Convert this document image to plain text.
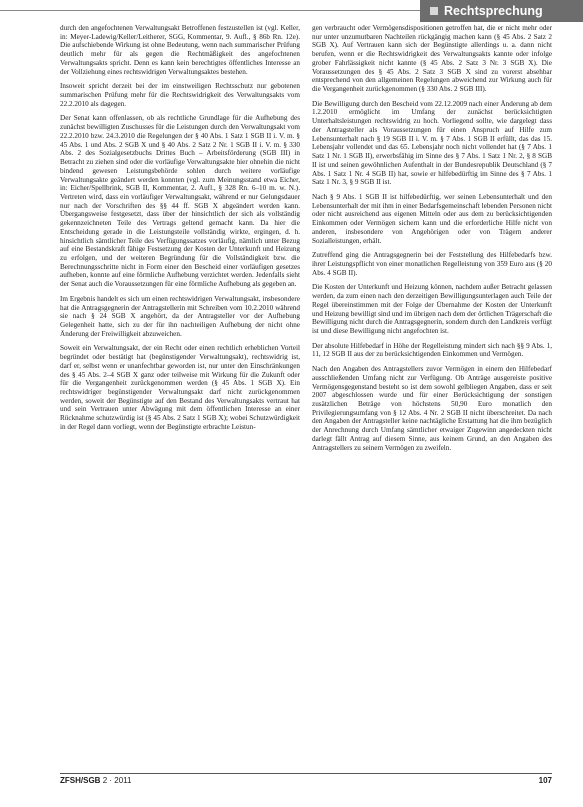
Rechtsprechung

durch den angefochtenen Verwaltungsakt Betroffenen festzustellen ist (vgl. Keller, in: Meyer-Ladewig/Keller/Leitherer, SGG, Kommentar, 9. Aufl., § 86b Rn. 12e). Die aufschiebende Wirkung ist ohne Bedeutung, wenn nach summarischer Prüfung deutlich mehr für als gegen die Rechtmäßigkeit des angefochtenen Verwaltungsakts spricht. Denn es kann kein berechtigtes öffentliches Interesse an der Vollziehung eines rechtswidrigen Verwaltungsaktes bestehen.

Insoweit spricht derzeit bei der im einstweiligen Rechtsschutz nur gebotenen summarischen Prüfung mehr für die Rechtswidrigkeit des Verwaltungsakts vom 22.2.2010 als dagegen.

Der Senat kann offenlassen, ob als rechtliche Grundlage für die Aufhebung des zunächst bewilligten Zuschusses für die Leistungen durch den Verwaltungsakt vom 22.2.2010 bzw. 24.3.2010 die Regelungen der § 40 Abs. 1 Satz 1 SGB II i. V. m. § 45 Abs. 1 und Abs. 2 SGB X und § 40 Abs. 2 Satz 2 Nr. 1 SGB II i. V. m. § 330 Abs. 2 des Sozialgesetzbuchs Drittes Buch – Arbeitsförderung (SGB III) in Betracht zu ziehen sind oder die vorläufige Verwaltungsakte hier ohnehin die nicht bindend gewesen Leistungsbehörde sohlen durch weitere vorläufige Verwaltungsakte geändert werden konnten (vgl. zum Meinungsstand etwa Eicher, in: Eicher/Spellbrink, SGB II, Kommentar, 2. Aufl., § 328 Rn. 6–10 m. w. N.). Vertreten wird, dass ein vorläufiger Verwaltungsakt, während er nur Gelungsdauer nur nach der Vorschriften des §§ 44 ff. SGB X abgeändert werden kann. Übergangsweise festgesetzt, dass über der hinsichtlich der sich als vollständig gekennzeichneten Teile des Vertrags geltend gemacht kann. Da hier die Entscheidung gerade in die Leistungsteile vollständig wirkte, ergingen, d. h. hinsichtlich sämtlicher Teile des Verfügungssatzes vorläufig, nämlich unter Bezug auf eine Bestandskraft fähige Festsetzung der Kosten der Unterkunft und Heizung zu erfolgen, und der weiteren Begründung für die Vollständigkeit bzw. die Berechnungsschritte nicht in Form einer den Bescheid einer vorläufigen gesetzes aufheben, konnte auf eine förmliche Aufhebung verzichtet werden. Jedenfalls sieht der Senat auch die Voraussetzungen für eine förmliche Aufhebung als gegeben an.

Im Ergebnis handelt es sich um einen rechtswidrigen Verwaltungsakt, insbesondere hat die Antragsgegnerin der Antragstellerin mit Schreiben vom 10.2.2010 während sie nach § 24 SGB X angehört, da der Antragsteller vor der Aufhebung Gelegenheit hatte, sich zu der für ihn nachteiligen Aufhebung der nicht ohne Änderung der Freiwilligkeit abzuweichen.

Soweit ein Verwaltungsakt, der ein Recht oder einen rechtlich erheblichen Vorteil begründet oder bestätigt hat (begünstigender Verwaltungsakt), rechtswidrig ist, darf er, selbst wenn er unanfechtbar geworden ist, nur unter den Einschränkungen des § 45 Abs. 2–4 SGB X ganz oder teilweise mit Wirkung für die Zukunft oder für die Vergangenheit zurückgenommen werden (§ 45 Abs. 1 SGB X). Ein rechtswidriger begünstigender Verwaltungsakt darf nicht zurückgenommen werden, soweit der Begünstigte auf den Bestand des Verwaltungsakts vertraut hat und sein Vertrauen unter Abwägung mit dem öffentlichen Interesse an einer Rücknahme schutzwürdig ist (§ 45 Abs. 2 Satz 1 SGB X); wobei Schutzwürdigkeit in der Regel dann vorliegt, wenn der Begünstigte erbrachte Leistun-

gen verbraucht oder Vermögensdispositionen getroffen hat, die er nicht mehr oder nur unter unzumutbaren Nachteilen rückgängig machen kann (§ 45 Abs. 2 Satz 2 SGB X). Auf Vertrauen kann sich der Begünstigte allerdings u. a. dann nicht berufen, wenn er die Rechtswidrigkeit des Verwaltungsakts kannte oder infolge grober Fahrlässigkeit nicht kannte (§ 45 Abs. 2 Satz 3 Nr. 3 SGB X). Die Voraussetzungen des § 45 Abs. 2 Satz 3 SGB X sind zu vorerst absehbar entsprechend von den allgemeinen Regelungen abweichend zur Wirkung auch für die Vergangenheit zurückgenommen (§ 330 Abs. 2 SGB III).

Die Bewilligung durch den Bescheid vom 22.12.2009 nach einer Änderung ab dem 1.2.2010 ermöglicht im Umfang der zunächst berücksichtigten Unterhaltsleistungen rechtswidrig zu hoch. Vorliegend sollte, wie dargelegt dass der Antragsteller als Voraussetzungen für einen Anspruch auf Hilfe zum Lebensunterhalt nach § 19 SGB II i. V. m. § 7 Abs. 1 SGB II erfüllt, das das 15. Lebensjahr vollendet und das 65. Lebensjahr noch nicht vollendet hat (§ 7 Abs. 1 Satz 1 Nr. 1 SGB II), erwerbsfähig im Sinne des § 7 Abs. 1 Satz 1 Nr. 2, § 8 SGB II ist und seinen gewöhnlichen Aufenthalt in der Bundesrepublik Deutschland (§ 7 Abs. 1 Satz 1 Nr. 4 SGB II) hat, sowie er hilfebedürftig im Sinne des § 7 Abs. 1 Satz 1 Nr. 3, § 9 SGB II ist.

Nach § 9 Abs. 1 SGB II ist hilfebedürftig, wer seinen Lebensunterhalt und den Lebensunterhalt der mit ihm in einer Bedarfsgemeinschaft lebenden Personen nicht oder nicht ausreichend aus eigenen Mitteln oder aus dem zu berücksichtigenden Einkommen oder Vermögen sichern kann und die erforderliche Hilfe nicht von anderen, insbesondere von Angehörigen oder von Trägern anderer Sozialleistungen, erhält.

Zutreffend ging die Antragsgegnerin bei der Feststellung des Hilfebedarfs bzw. ihrer Leistungspflicht von einer monatlichen Regelleistung von 359 Euro aus (§ 20 Abs. 4 SGB II).

Die Kosten der Unterkunft und Heizung können, nachdem außer Betracht gelassen werden, da zum einen nach den derzeitigen Bewilligungsunterlagen auch Teile der Regel übereinstimmen mit der Folge der Übernahme der Kosten der Unterkunft und Heizung bewilligt sind und im übrigen nach dem der örtlichen Trägerschaft die Bewilligung nicht durch die Antragsgegnerin, sondern durch den Landkreis verfügt ist und diese Bewilligung nicht angefochten ist.

Der absolute Hilfebedarf in Höhe der Regelleistung mindert sich nach §§ 9 Abs. 1, 11, 12 SGB II aus der zu berücksichtigenden Einkommen und Vermögen.

Nach den Angaben des Antragstellers zuvor Vermögen in einem den Hilfebedarf ausschließenden Umfang nicht zur Verfügung. Ob Anträge ausgereiste positive Vermögensgegenstand besteht so ist dem sowohl gelbliegen Angaben, dass er seit 2007 abgeschlossen wurde und für einer Berücksichtigung der sonstigen zusätzlichen Beträge von höchstens 50,90 Euro monatlich den Privilegierungsumfang von § 12 Abs. 4 Nr. 2 SGB II nicht überschreitet. Da nach den Angaben der Antragsteller keine nachtägliche Erstattung hat die ihm bezüglich der Anrechnung durch Umfang sämtlicher etwaiger Zugewinn angedeckten nicht darlegt fällt Antrag auf diesem Sinne, aus keinem Grund, an den Angaben des Antragstellers zu seinem Vermögen zu zweifeln.

ZFSH/SGB 2 · 2011	107
